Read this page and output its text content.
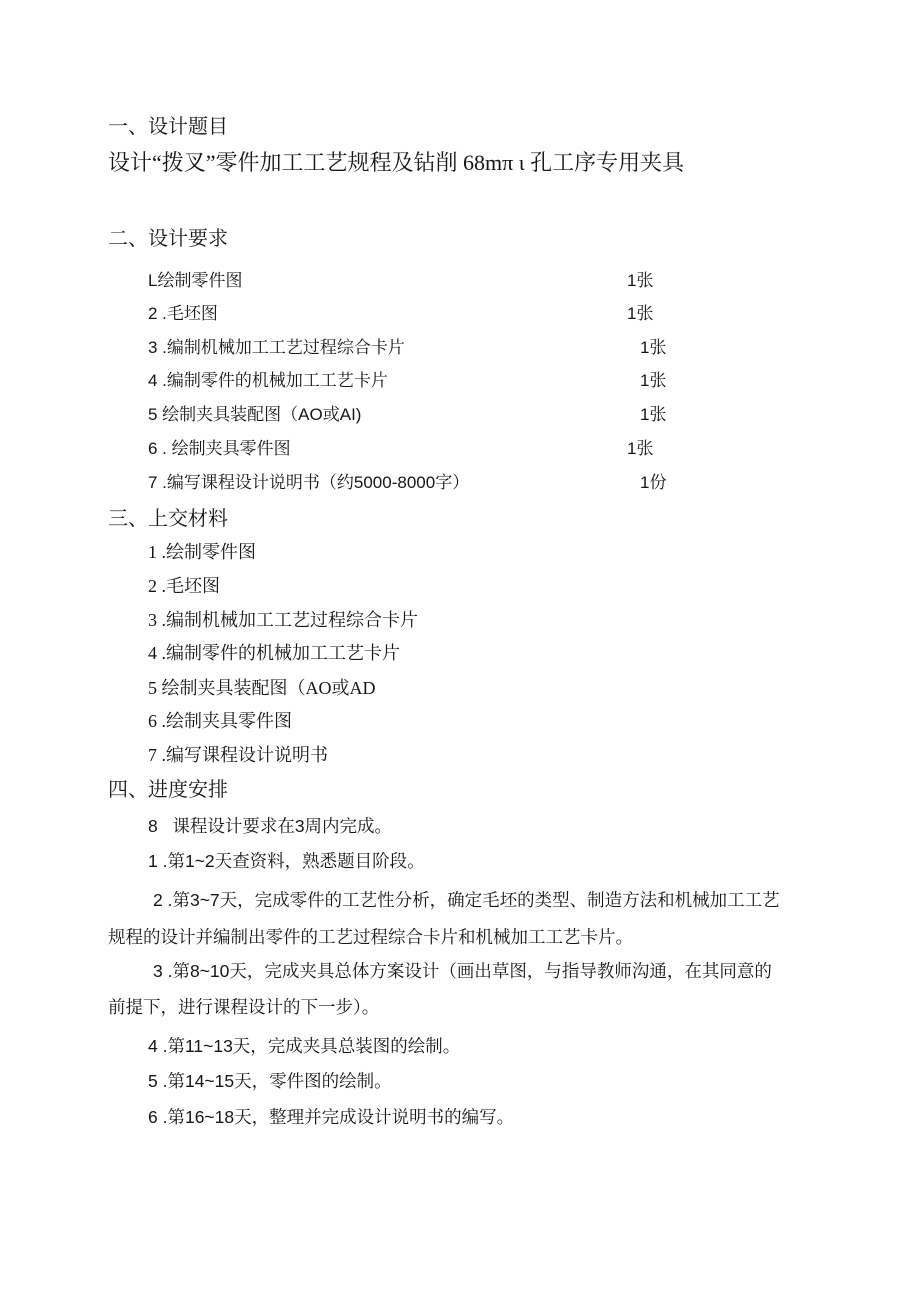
一、设计题目
设计“拨叉”零件加工工艺规程及钻削 68mπ ι 孔工序专用夹具
二、设计要求
L绘制零件图	1张
2 .毛坯图	1张
3 .编制机械加工工艺过程综合卡片	1张
4 .编制零件的机械加工工艺卡片	1张
5 绘制夹具装配图（AO或AI)	1张
6 . 绘制夹具零件图	1张
7 .编写课程设计说明书（约5000-8000字）	1份
三、上交材料
1 .绘制零件图
2 .毛坯图
3 .编制机械加工工艺过程综合卡片
4 .编制零件的机械加工工艺卡片
5 绘制夹具装配图（AO或AD
6 .绘制夹具零件图
7 .编写课程设计说明书
四、进度安排
8   课程设计要求在3周内完成。
1 .第1~2天查资料，熟悉题目阶段。
2 .第3~7天，完成零件的工艺性分析，确定毛坯的类型、制造方法和机械加工工艺
规程的设计并编制出零件的工艺过程综合卡片和机械加工工艺卡片。
3 .第8~10天，完成夹具总体方案设计（画出草图，与指导教师沟通，在其同意的
前提下，进行课程设计的下一步）。
4 .第11~13天，完成夹具总装图的绘制。
5 .第14~15天，零件图的绘制。
6 .第16~18天，整理并完成设计说明书的编写。
